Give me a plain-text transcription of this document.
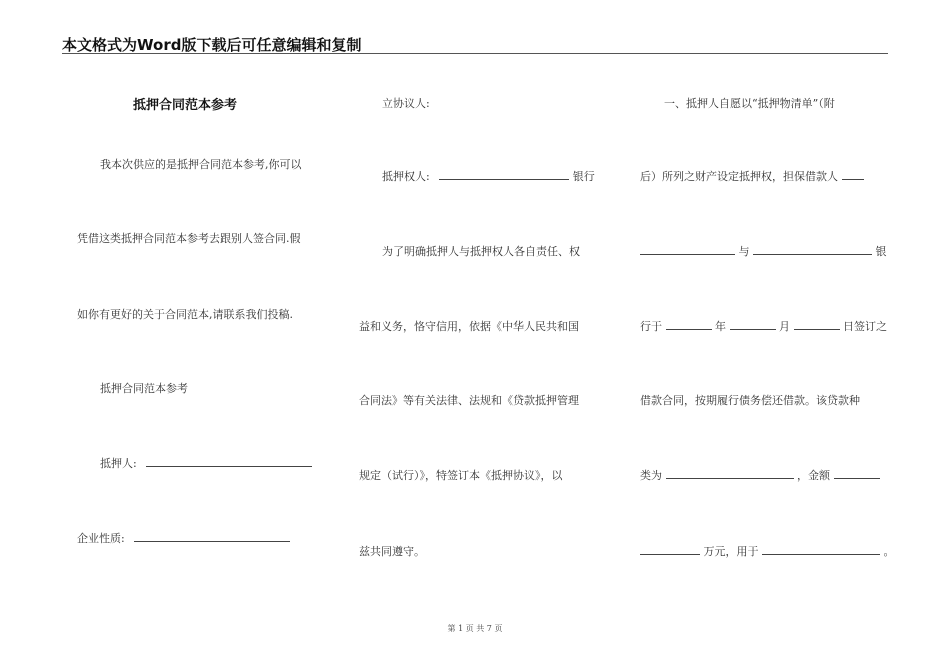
本文格式为Word版下载后可任意编辑和复制
抵押合同范本参考
我本次供应的是抵押合同范本参考,你可以
凭借这类抵押合同范本参考去跟别人签合同.假
如你有更好的关于合同范本,请联系我们投稿.
抵押合同范本参考
抵押人:
企业性质:
立协议人:
抵押权人:	银行
为了明确抵押人与抵押权人各自责任、权
益和义务，恪守信用，依据《中华人民共和国
合同法》等有关法律、法规和《贷款抵押管理
规定（试行）》，特签订本《抵押协议》，以
兹共同遵守。
一、抵押人自愿以“抵押物清单”（附
后）所列之财产设定抵押权，担保借款人
与	银
行于	年	月	日签订之
借款合同，按期履行债务偿还借款。该贷款种
类为	，金额
万元，用于	。
第 1 页 共 7 页
